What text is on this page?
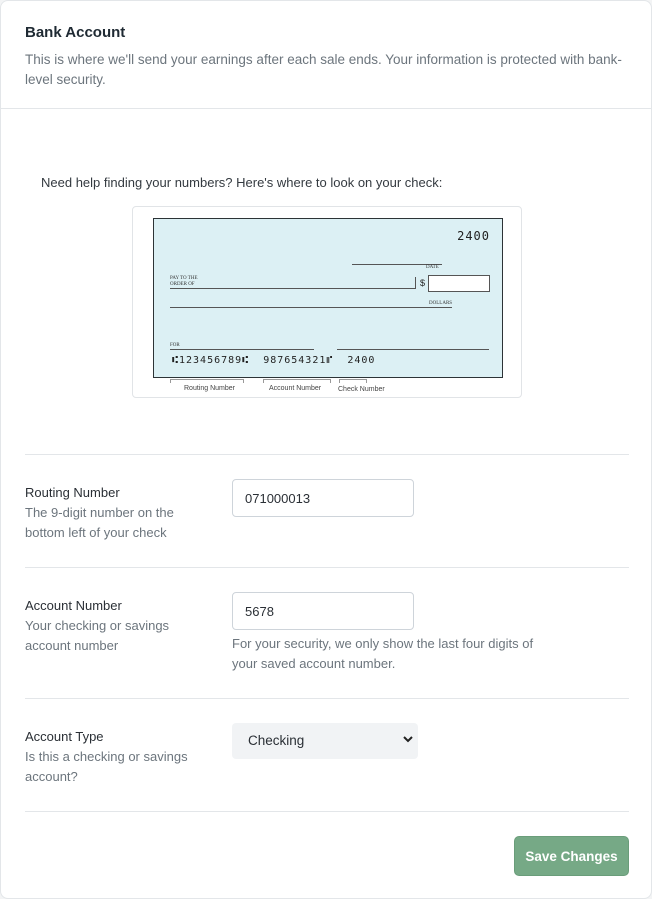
Bank Account
This is where we'll send your earnings after each sale ends. Your information is protected with bank-level security.
Need help finding your numbers? Here's where to look on your check:
2400
DATE
PAY TO THE
ORDER OF	$
DOLLARS
FOR
⑆123456789⑆ 987654321⑈ 2400
Routing Number	Account Number Check Number
Routing Number
The 9-digit number on the bottom left of your check
071000013
Account Number
Your checking or savings account number
5678	For your security, we only show the last four digits of your saved account number.
Account Type
Is this a checking or savings account?
Checking
Save Changes
